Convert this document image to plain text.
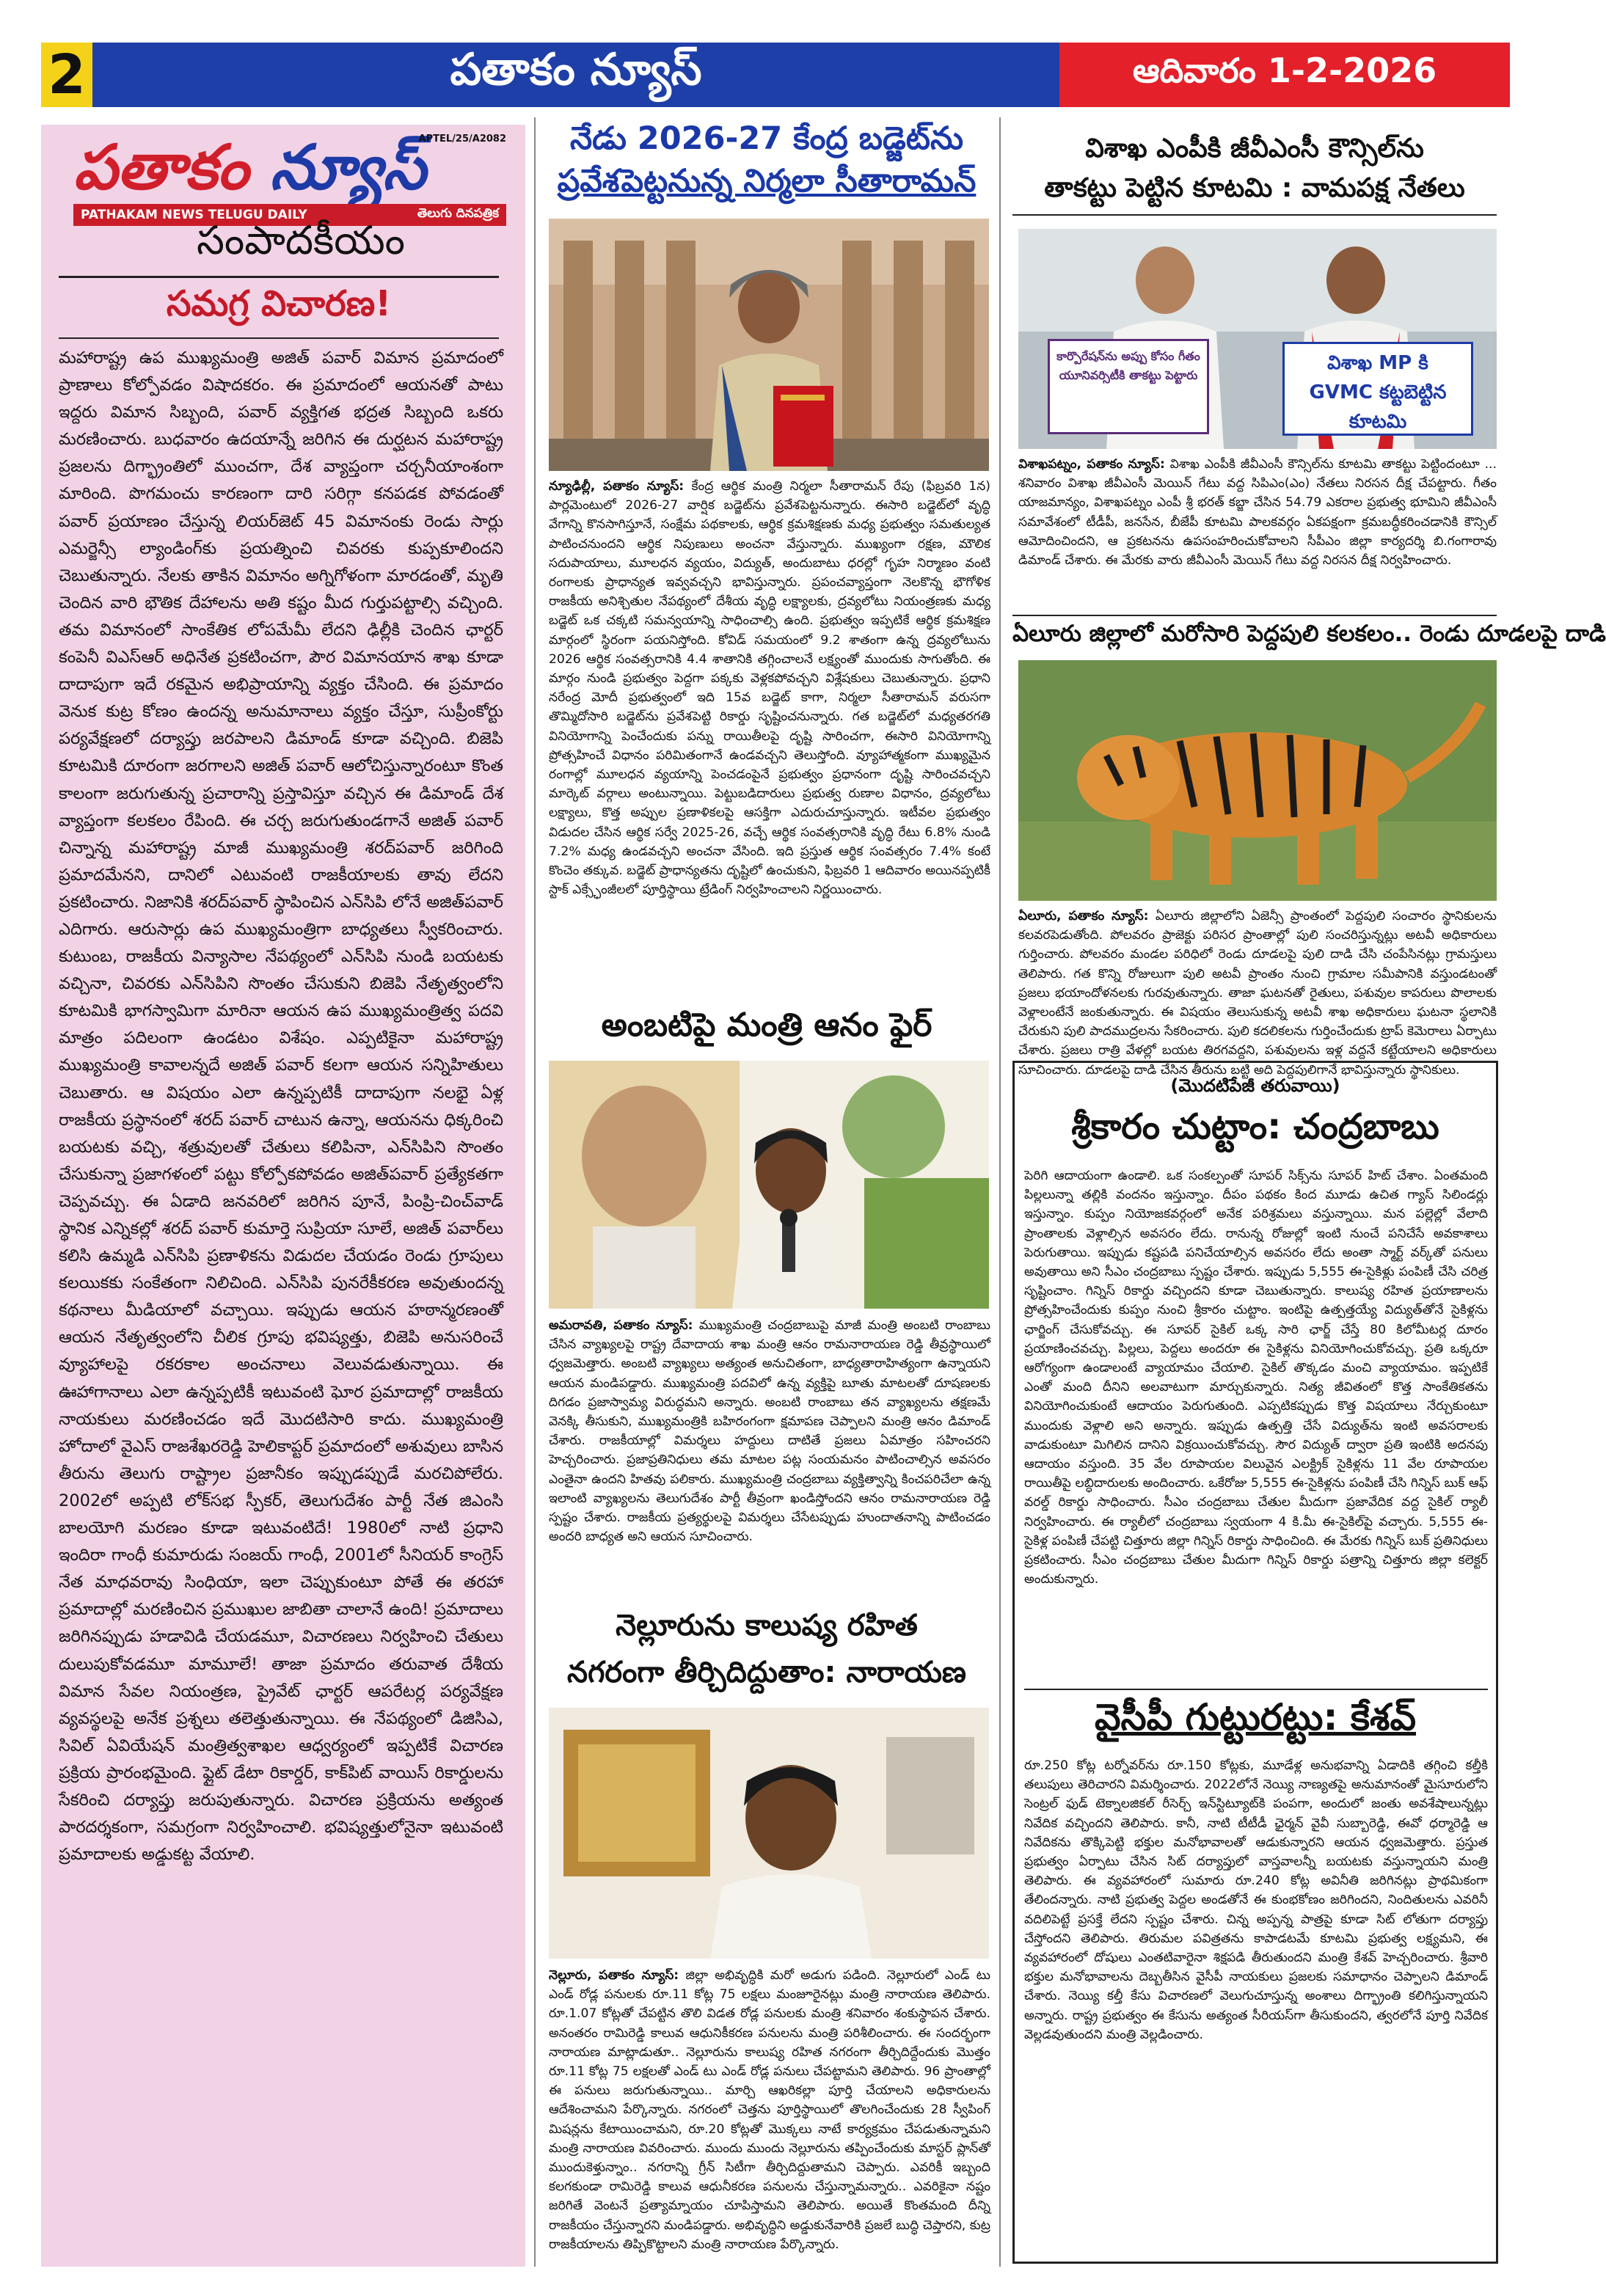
2	పతాకం న్యూస్	ఆదివారం 1-2-2026
పతాకం న్యూస్
APTEL/25/A2082
PATHAKAM NEWS TELUGU DAILY	తెలుగు దినపత్రిక
సంపాదకీయం
సమగ్ర విచారణ!
మహారాష్ట్ర ఉప ముఖ్యమంత్రి అజిత్ పవార్ విమాన ప్రమాదంలో ప్రాణాలు కోల్పోవడం విషాదకరం. ఈ ప్రమాదంలో ఆయనతో పాటు ఇద్దరు విమాన సిబ్బంది, పవార్ వ్యక్తిగత భద్రత సిబ్బంది ఒకరు మరణించారు. బుధవారం ఉదయాన్నే జరిగిన ఈ దుర్ఘటన మహారాష్ట్ర ప్రజలను దిగ్భ్రాంతిలో ముంచగా, దేశ వ్యాప్తంగా చర్చనీయాంశంగా మారింది. పొగమంచు కారణంగా దారి సరిగ్గా కనపడక పోవడంతో పవార్ ప్రయాణం చేస్తున్న లియర్‌జెట్ 45 విమానంకు రెండు సార్లు ఎమర్జెన్సీ ల్యాండింగ్‌కు ప్రయత్నించి చివరకు కుప్పకూలిందని చెబుతున్నారు. నేలకు తాకిన విమానం అగ్నిగోళంగా మారడంతో, మృతి చెందిన వారి భౌతిక దేహాలను అతి కష్టం మీద గుర్తుపట్టాల్సి వచ్చింది. తమ విమానంలో సాంకేతిక లోపమేమీ లేదని ఢిల్లీకి చెందిన ఛార్టర్ కంపెనీ విఎస్ఆర్ అధినేత ప్రకటించగా, పౌర విమానయాన శాఖ కూడా దాదాపుగా ఇదే రకమైన అభిప్రాయాన్ని వ్యక్తం చేసింది. ఈ ప్రమాదం వెనుక కుట్ర కోణం ఉందన్న అనుమానాలు వ్యక్తం చేస్తూ, సుప్రీంకోర్టు పర్యవేక్షణలో దర్యాప్తు జరపాలని డిమాండ్ కూడా వచ్చింది. బిజెపి కూటమికి దూరంగా జరగాలని అజిత్ పవార్ ఆలోచిస్తున్నారంటూ కొంత కాలంగా జరుగుతున్న ప్రచారాన్ని ప్రస్తావిస్తూ వచ్చిన ఈ డిమాండ్ దేశ వ్యాప్తంగా కలకలం రేపింది. ఈ చర్చ జరుగుతుండగానే అజిత్ పవార్ చిన్నాన్న మహారాష్ట్ర మాజీ ముఖ్యమంత్రి శరద్‌పవార్ జరిగింది ప్రమాదమేనని, దానిలో ఎటువంటి రాజకీయాలకు తావు లేదని ప్రకటించారు. నిజానికి శరద్‌పవార్ స్థాపించిన ఎన్‌సిపి లోనే అజిత్‌పవార్ ఎదిగారు. ఆరుసార్లు ఉప ముఖ్యమంత్రిగా బాధ్యతలు స్వీకరించారు. కుటుంబ, రాజకీయ విన్యాసాల నేపథ్యంలో ఎన్‌సిపి నుండి బయటకు వచ్చినా, చివరకు ఎన్‌సిపిని సొంతం చేసుకుని బిజెపి నేతృత్వంలోని కూటమికి భాగస్వామిగా మారినా ఆయన ఉప ముఖ్యమంత్రిత్వ పదవి మాత్రం పదిలంగా ఉండటం విశేషం. ఎప్పటికైనా మహారాష్ట్ర ముఖ్యమంత్రి కావాలన్నదే అజిత్ పవార్ కలగా ఆయన సన్నిహితులు చెబుతారు. ఆ విషయం ఎలా ఉన్నప్పటికీ దాదాపుగా నలభై ఏళ్ల రాజకీయ ప్రస్థానంలో శరద్ పవార్ చాటున ఉన్నా, ఆయనను ధిక్కరించి బయటకు వచ్చి, శత్రువులతో చేతులు కలిపినా, ఎన్‌సిపిని సొంతం చేసుకున్నా ప్రజాగళంలో పట్టు కోల్పోకపోవడం అజిత్‌పవార్ ప్రత్యేకతగా చెప్పవచ్చు. ఈ ఏడాది జనవరిలో జరిగిన పూనే, పింప్రి-చించ్‌వాడ్ స్థానిక ఎన్నికల్లో శరద్ పవార్ కుమార్తె సుప్రియా సూలే, అజిత్ పవార్‌లు కలిసి ఉమ్మడి ఎన్‌సిపి ప్రణాళికను విడుదల చేయడం రెండు గ్రూపులు కలయికకు సంకేతంగా నిలిచింది. ఎన్‌సిపి పునరేకీకరణ అవుతుందన్న కథనాలు మీడియాలో వచ్చాయి. ఇప్పుడు ఆయన హఠాన్మరణంతో ఆయన నేతృత్వంలోని చీలిక గ్రూపు భవిష్యత్తు, బిజెపి అనుసరించే వ్యూహాలపై రకరకాల అంచనాలు వెలువడుతున్నాయి. ఈ ఊహాగానాలు ఎలా ఉన్నప్పటికీ ఇటువంటి ఘోర ప్రమాదాల్లో రాజకీయ నాయకులు మరణించడం ఇదే మొదటిసారి కాదు. ముఖ్యమంత్రి హోదాలో వైఎస్ రాజశేఖరరెడ్డి హెలికాప్టర్ ప్రమాదంలో అశువులు బాసిన తీరును తెలుగు రాష్ట్రాల ప్రజానీకం ఇప్పుడప్పుడే మరచిపోలేరు. 2002లో అప్పటి లోక్‌సభ స్పీకర్, తెలుగుదేశం పార్టీ నేత జిఎంసి బాలయోగి మరణం కూడా ఇటువంటిదే! 1980లో నాటి ప్రధాని ఇందిరా గాంధీ కుమారుడు సంజయ్ గాంధీ, 2001లో సీనియర్ కాంగ్రెస్ నేత మాధవరావు సింధియా, ఇలా చెప్పుకుంటూ పోతే ఈ తరహా ప్రమాదాల్లో మరణించిన ప్రముఖుల జాబితా చాలానే ఉంది! ప్రమాదాలు జరిగినప్పుడు హడావిడి చేయడమూ, విచారణలు నిర్వహించి చేతులు దులుపుకోవడమూ మామూలే! తాజా ప్రమాదం తరువాత దేశీయ విమాన సేవల నియంత్రణ, ప్రైవేట్ ఛార్టర్ ఆపరేటర్ల పర్యవేక్షణ వ్యవస్థలపై అనేక ప్రశ్నలు తలెత్తుతున్నాయి. ఈ నేపథ్యంలో డిజిసిఎ, సివిల్ ఏవియేషన్ మంత్రిత్వశాఖల ఆధ్వర్యంలో ఇప్పటికే విచారణ ప్రక్రియ ప్రారంభమైంది. ఫ్లైట్ డేటా రికార్డర్, కాక్‌పిట్ వాయిస్ రికార్డులను సేకరించి దర్యాప్తు జరుపుతున్నారు. విచారణ ప్రక్రియను అత్యంత పారదర్శకంగా, సమగ్రంగా నిర్వహించాలి. భవిష్యత్తులోనైనా ఇటువంటి ప్రమాదాలకు అడ్డుకట్ట వేయాలి.
నేడు 2026-27 కేంద్ర బడ్జెట్‌ను
ప్రవేశపెట్టనున్న నిర్మలా సీతారామన్
న్యూఢిల్లీ, పతాకం న్యూస్: కేంద్ర ఆర్థిక మంత్రి నిర్మలా సీతారామన్ రేపు (ఫిబ్రవరి 1న) పార్లమెంటులో 2026-27 వార్షిక బడ్జెట్‌ను ప్రవేశపెట్టనున్నారు. ఈసారి బడ్జెట్‌లో వృద్ధి వేగాన్ని కొనసాగిస్తూనే, సంక్షేమ పథకాలకు, ఆర్థిక క్రమశిక్షణకు మధ్య ప్రభుత్వం సమతుల్యత పాటించనుందని ఆర్థిక నిపుణులు అంచనా వేస్తున్నారు. ముఖ్యంగా రక్షణ, మౌలిక సదుపాయాలు, మూలధన వ్యయం, విద్యుత్, అందుబాటు ధరల్లో గృహ నిర్మాణం వంటి రంగాలకు ప్రాధాన్యత ఇవ్వవచ్చని భావిస్తున్నారు. ప్రపంచవ్యాప్తంగా నెలకొన్న భౌగోళిక రాజకీయ అనిశ్చితుల నేపథ్యంలో దేశీయ వృద్ధి లక్ష్యాలకు, ద్రవ్యలోటు నియంత్రణకు మధ్య బడ్జెట్ ఒక చక్కటి సమన్వయాన్ని సాధించాల్సి ఉంది. ప్రభుత్వం ఇప్పటికే ఆర్థిక క్రమశిక్షణ మార్గంలో స్థిరంగా పయనిస్తోంది. కోవిడ్ సమయంలో 9.2 శాతంగా ఉన్న ద్రవ్యలోటును 2026 ఆర్థిక సంవత్సరానికి 4.4 శాతానికి తగ్గించాలనే లక్ష్యంతో ముందుకు సాగుతోంది. ఈ మార్గం నుండి ప్రభుత్వం పెద్దగా పక్కకు వెళ్లకపోవచ్చని విశ్లేషకులు చెబుతున్నారు. ప్రధాని నరేంద్ర మోదీ ప్రభుత్వంలో ఇది 15వ బడ్జెట్ కాగా, నిర్మలా సీతారామన్ వరుసగా తొమ్మిదోసారి బడ్జెట్‌ను ప్రవేశపెట్టి రికార్డు సృష్టించనున్నారు. గత బడ్జెట్‌లో మధ్యతరగతి వినియోగాన్ని పెంచేందుకు పన్ను రాయితీలపై దృష్టి సారించగా, ఈసారి వినియోగాన్ని ప్రోత్సహించే విధానం పరిమితంగానే ఉండవచ్చని తెలుస్తోంది. వ్యూహాత్మకంగా ముఖ్యమైన రంగాల్లో మూలధన వ్యయాన్ని పెంచడంపైనే ప్రభుత్వం ప్రధానంగా దృష్టి సారించవచ్చని మార్కెట్ వర్గాలు అంటున్నాయి. పెట్టుబడిదారులు ప్రభుత్వ రుణాల విధానం, ద్రవ్యలోటు లక్ష్యాలు, కొత్త అప్పుల ప్రణాళికలపై ఆసక్తిగా ఎదురుచూస్తున్నారు. ఇటీవల ప్రభుత్వం విడుదల చేసిన ఆర్థిక సర్వే 2025-26, వచ్చే ఆర్థిక సంవత్సరానికి వృద్ధి రేటు 6.8% నుండి 7.2% మధ్య ఉండవచ్చని అంచనా వేసింది. ఇది ప్రస్తుత ఆర్థిక సంవత్సరం 7.4% కంటే కొంచెం తక్కువ. బడ్జెట్ ప్రాధాన్యతను దృష్టిలో ఉంచుకుని, ఫిబ్రవరి 1 ఆదివారం అయినప్పటికీ స్టాక్ ఎక్స్ఛేంజీలలో పూర్తిస్థాయి ట్రేడింగ్ నిర్వహించాలని నిర్ణయించారు.
అంబటిపై మంత్రి ఆనం ఫైర్
అమరావతి, పతాకం న్యూస్: ముఖ్యమంత్రి చంద్రబాబుపై మాజీ మంత్రి అంబటి రాంబాబు చేసిన వ్యాఖ్యలపై రాష్ట్ర దేవాదాయ శాఖ మంత్రి ఆనం రామనారాయణ రెడ్డి తీవ్రస్థాయిలో ధ్వజమెత్తారు. అంబటి వ్యాఖ్యలు అత్యంత అనుచితంగా, బాధ్యతారాహిత్యంగా ఉన్నాయని ఆయన మండిపడ్డారు. ముఖ్యమంత్రి పదవిలో ఉన్న వ్యక్తిపై బూతు మాటలతో దూషణలకు దిగడం ప్రజాస్వామ్య విరుద్ధమని అన్నారు. అంబటి రాంబాబు తన వ్యాఖ్యలను తక్షణమే వెనక్కి తీసుకుని, ముఖ్యమంత్రికి బహిరంగంగా క్షమాపణ చెప్పాలని మంత్రి ఆనం డిమాండ్ చేశారు. రాజకీయాల్లో విమర్శలు హద్దులు దాటితే ప్రజలు ఏమాత్రం సహించరని హెచ్చరించారు. ప్రజాప్రతినిధులు తమ మాటల పట్ల సంయమనం పాటించాల్సిన అవసరం ఎంతైనా ఉందని హితవు పలికారు. ముఖ్యమంత్రి చంద్రబాబు వ్యక్తిత్వాన్ని కించపరిచేలా ఉన్న ఇలాంటి వ్యాఖ్యలను తెలుగుదేశం పార్టీ తీవ్రంగా ఖండిస్తోందని ఆనం రామనారాయణ రెడ్డి స్పష్టం చేశారు. రాజకీయ ప్రత్యర్థులపై విమర్శలు చేసేటప్పుడు హుందాతనాన్ని పాటించడం అందరి బాధ్యత అని ఆయన సూచించారు.
నెల్లూరును కాలుష్య రహిత
నగరంగా తీర్చిదిద్దుతాం: నారాయణ
నెల్లూరు, పతాకం న్యూస్: జిల్లా అభివృద్ధికి మరో అడుగు పడింది. నెల్లూరులో ఎండ్ టు ఎండ్ రోడ్ల పనులకు రూ.11 కోట్ల 75 లక్షలు మంజూరైనట్లు మంత్రి నారాయణ తెలిపారు. రూ.1.07 కోట్లతో చేపట్టిన తొలి విడత రోడ్ల పనులకు మంత్రి శనివారం శంకుస్థాపన చేశారు. అనంతరం రామిరెడ్డి కాలువ ఆధునికీకరణ పనులను మంత్రి పరిశీలించారు. ఈ సందర్భంగా నారాయణ మాట్లాడుతూ.. నెల్లూరును కాలుష్య రహిత నగరంగా తీర్చిదిద్దేందుకు మొత్తం రూ.11 కోట్ల 75 లక్షలతో ఎండ్ టు ఎండ్ రోడ్ల పనులు చేపట్టామని తెలిపారు. 96 ప్రాంతాల్లో ఈ పనులు జరుగుతున్నాయి.. మార్చి ఆఖరికల్లా పూర్తి చేయాలని అధికారులను ఆదేశించామని పేర్కొన్నారు. నగరంలో చెత్తను పూర్తిస్థాయిలో తొలగించేందుకు 28 స్వీపింగ్ మిషన్లను కేటాయించామని, రూ.20 కోట్లతో మొక్కలు నాటే కార్యక్రమం చేపడుతున్నామని మంత్రి నారాయణ వివరించారు. ముందు ముందు నెల్లూరును తప్పించేందుకు మాస్టర్ ప్లాన్‌తో ముందుకెళ్తున్నాం.. నగరాన్ని గ్రీన్ సిటీగా తీర్చిదిద్దుతామని చెప్పారు. ఎవరికీ ఇబ్బంది కలగకుండా రామిరెడ్డి కాలువ ఆధునీకరణ పనులను చేస్తున్నామన్నారు.. ఎవరికైనా నష్టం జరిగితే వెంటనే ప్రత్యామ్నాయం చూపిస్తామని తెలిపారు. అయితే కొంతమంది దీన్ని రాజకీయం చేస్తున్నారని మండిపడ్డారు. అభివృద్ధిని అడ్డుకునేవారికి ప్రజలే బుద్ధి చెప్తారని, కుట్ర రాజకీయాలను తిప్పికొట్టాలని మంత్రి నారాయణ పేర్కొన్నారు.
విశాఖ ఎంపీకి జీవీఎంసీ కౌన్సిల్‌ను
తాకట్టు పెట్టిన కూటమి : వామపక్ష నేతలు
కార్పొరేషన్‌ను అప్పు కోసం గీతం యూనివర్సిటీకి తాకట్టు పెట్టారు
విశాఖ MP కి
GVMC కట్టబెట్టిన కూటమి
విశాఖపట్నం, పతాకం న్యూస్: విశాఖ ఎంపీకి జీవీఎంసీ కౌన్సిల్‌ను కూటమి తాకట్టు పెట్టిందంటూ ... శనివారం విశాఖ జీవీఎంసీ మెయిన్ గేటు వద్ద సిపిఎం(ఎం) నేతలు నిరసన దీక్ష చేపట్టారు. గీతం యాజమాన్యం, విశాఖపట్నం ఎంపీ శ్రీ భరత్ కబ్జా చేసిన 54.79 ఎకరాల ప్రభుత్వ భూమిని జీవీఎంసీ సమావేశంలో టీడీపీ, జనసేన, బీజేపీ కూటమి పాలకవర్గం ఏకపక్షంగా క్రమబద్ధీకరించడానికి కౌన్సిల్ ఆమోదించిందని, ఆ ప్రకటనను ఉపసంహరించుకోవాలని సీపీఎం జిల్లా కార్యదర్శి బి.గంగారావు డిమాండ్ చేశారు. ఈ మేరకు వారు జీవీఎంసీ మెయిన్ గేటు వద్ద నిరసన దీక్ష నిర్వహించారు.
ఏలూరు జిల్లాలో మరోసారి పెద్దపులి కలకలం.. రెండు దూడలపై దాడి
ఏలూరు, పతాకం న్యూస్: ఏలూరు జిల్లాలోని ఏజెన్సీ ప్రాంతంలో పెద్దపులి సంచారం స్థానికులను కలవరపెడుతోంది. పోలవరం ప్రాజెక్టు పరిసర ప్రాంతాల్లో పులి సంచరిస్తున్నట్లు అటవీ అధికారులు గుర్తించారు. పోలవరం మండల పరిధిలో రెండు దూడలపై పులి దాడి చేసి చంపేసినట్లు గ్రామస్తులు తెలిపారు. గత కొన్ని రోజులుగా పులి అటవీ ప్రాంతం నుంచి గ్రామాల సమీపానికి వస్తుండటంతో ప్రజలు భయాందోళనలకు గురవుతున్నారు. తాజా ఘటనతో రైతులు, పశువుల కాపరులు పొలాలకు వెళ్లాలంటేనే జంకుతున్నారు. ఈ విషయం తెలుసుకున్న అటవీ శాఖ అధికారులు ఘటనా స్థలానికి చేరుకుని పులి పాదముద్రలను సేకరించారు. పులి కదలికలను గుర్తించేందుకు ట్రాప్ కెమెరాలు ఏర్పాటు చేశారు. ప్రజలు రాత్రి వేళల్లో బయట తిరగవద్దని, పశువులను ఇళ్ల వద్దనే కట్టేయాలని అధికారులు సూచించారు. దూడలపై దాడి చేసిన తీరును బట్టి అది పెద్దపులిగానే భావిస్తున్నారు స్థానికులు.
(మొదటిపేజీ తరువాయి)
శ్రీకారం చుట్టాం: చంద్రబాబు
పెరిగి ఆదాయంగా ఉండాలి. ఒక సంకల్పంతో సూపర్ సిక్స్‌ను సూపర్ హిట్ చేశాం. ఏంతమంది పిల్లలున్నా తల్లికి వందనం ఇస్తున్నాం. దీపం పథకం కింద మూడు ఉచిత గ్యాస్ సిలిండర్లు ఇస్తున్నాం. కుప్పం నియోజకవర్గంలో అనేక పరిశ్రమలు వస్తున్నాయి. మన పల్లెల్లో వేలాది ప్రాంతాలకు వెళ్లాల్సిన అవసరం లేదు. రానున్న రోజుల్లో ఇంటి నుంచే పనిచేసే అవకాశాలు పెరుగుతాయి. ఇప్పుడు కష్టపడి పనిచేయాల్సిన అవసరం లేదు అంతా స్మార్ట్ వర్క్‌తో పనులు అవుతాయి అని సీఎం చంద్రబాబు స్పష్టం చేశారు. ఇప్పుడు 5,555 ఈ-సైకిళ్లు పంపిణీ చేసి చరిత్ర సృష్టించాం. గిన్నిస్ రికార్డు వచ్చిందని కూడా చెబుతున్నారు. కాలుష్య రహిత ప్రయాణాలను ప్రోత్సహించేందుకు కుప్పం నుంచి శ్రీకారం చుట్టాం. ఇంటిపై ఉత్పత్తయ్యే విద్యుత్‌తోనే సైకిళ్లను ఛార్జింగ్ చేసుకోవచ్చు. ఈ సూపర్ సైకిల్ ఒక్క సారి ఛార్జ్ చేస్తే 80 కిలోమీటర్ల దూరం ప్రయాణించవచ్చు. పిల్లలు, పెద్దలు అందరూ ఈ సైకిళ్లను వినియోగించుకోవచ్చు. ప్రతి ఒక్కరూ ఆరోగ్యంగా ఉండాలంటే వ్యాయామం చేయాలి. సైకిల్ తొక్కడం మంచి వ్యాయామం. ఇప్పటికే ఎంతో మంది దీనిని అలవాటుగా మార్చుకున్నారు. నిత్య జీవితంలో కొత్త సాంకేతికతను వినియోగించుకుంటే ఆదాయం పెరుగుతుంది. ఎప్పటికప్పుడు కొత్త విషయాలు నేర్చుకుంటూ ముందుకు వెళ్లాలి అని అన్నారు. ఇప్పుడు ఉత్పత్తి చేసే విద్యుత్‌ను ఇంటి అవసరాలకు వాడుకుంటూ మిగిలిన దానిని విక్రయించుకోవచ్చు. సౌర విద్యుత్ ద్వారా ప్రతి ఇంటికి అదనపు ఆదాయం వస్తుంది. 35 వేల రూపాయల విలువైన ఎలక్ట్రిక్ సైకిళ్లను 11 వేల రూపాయల రాయితీపై లబ్ధిదారులకు అందించారు. ఒకేరోజు 5,555 ఈ-సైకిళ్లను పంపిణీ చేసి గిన్నిస్ బుక్ ఆఫ్ వరల్డ్ రికార్డు సాధించారు. సీఎం చంద్రబాబు చేతుల మీదుగా ప్రజావేదిక వద్ద సైకిల్ ర్యాలీ నిర్వహించారు. ఈ ర్యాలీలో చంద్రబాబు స్వయంగా 4 కి.మీ ఈ-సైకిల్‌పై వచ్చారు. 5,555 ఈ-సైకిళ్ల పంపిణీ చేపట్టి చిత్తూరు జిల్లా గిన్నిస్ రికార్డు సాధించింది. ఈ మేరకు గిన్నిస్ బుక్ ప్రతినిధులు ప్రకటించారు. సీఎం చంద్రబాబు చేతుల మీదుగా గిన్నిస్ రికార్డు పత్రాన్ని చిత్తూరు జిల్లా కలెక్టర్ అందుకున్నారు.
వైసీపీ గుట్టురట్టు: కేశవ్
రూ.250 కోట్ల టర్నోవర్‌ను రూ.150 కోట్లకు, మూడేళ్ల అనుభవాన్ని ఏడాదికి తగ్గించి కల్తీకి తలుపులు తెరిచారని విమర్శించారు. 2022లోనే నెయ్యి నాణ్యతపై అనుమానంతో మైసూరులోని సెంట్రల్ ఫుడ్ టెక్నాలజికల్ రీసెర్చ్ ఇన్‌స్టిట్యూట్‌కి పంపగా, అందులో జంతు అవశేషాలున్నట్లు నివేదిక వచ్చిందని తెలిపారు. కానీ, నాటి టీటీడీ ఛైర్మన్ వైవీ సుబ్బారెడ్డి, ఈవో ధర్మారెడ్డి ఆ నివేదికను తొక్కిపెట్టి భక్తుల మనోభావాలతో ఆడుకున్నారని ఆయన ధ్వజమెత్తారు. ప్రస్తుత ప్రభుత్వం ఏర్పాటు చేసిన సిట్ దర్యాప్తులో వాస్తవాలన్నీ బయటకు వస్తున్నాయని మంత్రి తెలిపారు. ఈ వ్యవహారంలో సుమారు రూ.240 కోట్ల అవినీతి జరిగినట్లు ప్రాథమికంగా తేలిందన్నారు. నాటి ప్రభుత్వ పెద్దల అండతోనే ఈ కుంభకోణం జరిగిందని, నిందితులను ఎవరినీ వదిలిపెట్టే ప్రసక్తే లేదని స్పష్టం చేశారు. చిన్న అప్పన్న పాత్రపై కూడా సిట్ లోతుగా దర్యాప్తు చేస్తోందని తెలిపారు. తిరుమల పవిత్రతను కాపాడటమే కూటమి ప్రభుత్వ లక్ష్యమని, ఈ వ్యవహారంలో దోషులు ఎంతటివారైనా శిక్షపడి తీరుతుందని మంత్రి కేశవ్ హెచ్చరించారు. శ్రీవారి భక్తుల మనోభావాలను దెబ్బతీసిన వైసీపీ నాయకులు ప్రజలకు సమాధానం చెప్పాలని డిమాండ్ చేశారు. నెయ్యి కల్తీ కేసు విచారణలో వెలుగుచూస్తున్న అంశాలు దిగ్భ్రాంతి కలిగిస్తున్నాయని అన్నారు. రాష్ట్ర ప్రభుత్వం ఈ కేసును అత్యంత సీరియస్‌గా తీసుకుందని, త్వరలోనే పూర్తి నివేదిక వెల్లడవుతుందని మంత్రి వెల్లడించారు.
